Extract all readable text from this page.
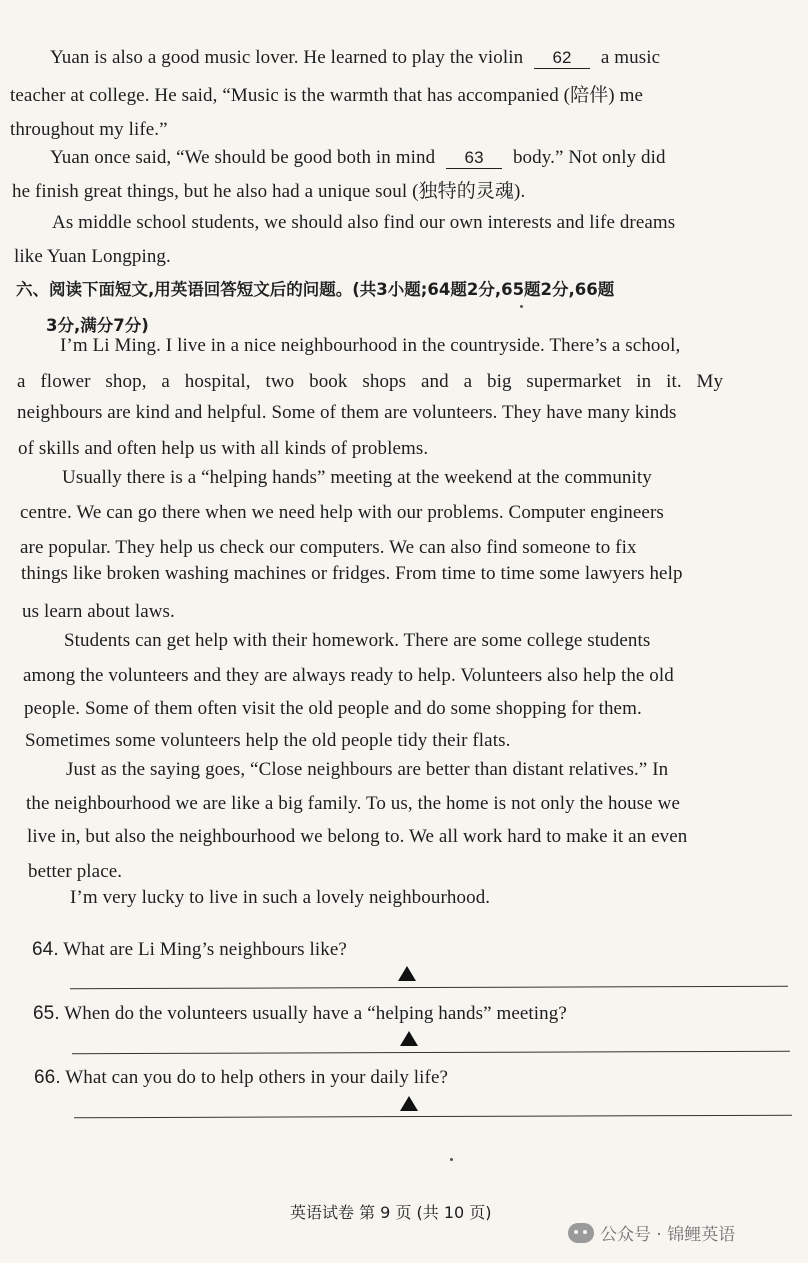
Yuan is also a good music lover. He learned to play the violin 62 a music
teacher at college. He said, “Music is the warmth that has accompanied (陪伴) me
throughout my life.”
Yuan once said, “We should be good both in mind 63 body.” Not only did
he finish great things, but he also had a unique soul (独特的灵魂).
As middle school students, we should also find our own interests and life dreams
like Yuan Longping.
六、阅读下面短文,用英语回答短文后的问题。(共3小题;64题2分,65题2分,66题
3分,满分7分)
I’m Li Ming. I live in a nice neighbourhood in the countryside. There’s a school,
a flower shop, a hospital, two book shops and a big supermarket in it. My
neighbours are kind and helpful. Some of them are volunteers. They have many kinds
of skills and often help us with all kinds of problems.
Usually there is a “helping hands” meeting at the weekend at the community
centre. We can go there when we need help with our problems. Computer engineers
are popular. They help us check our computers. We can also find someone to fix
things like broken washing machines or fridges. From time to time some lawyers help
us learn about laws.
Students can get help with their homework. There are some college students
among the volunteers and they are always ready to help. Volunteers also help the old
people. Some of them often visit the old people and do some shopping for them.
Sometimes some volunteers help the old people tidy their flats.
Just as the saying goes, “Close neighbours are better than distant relatives.” In
the neighbourhood we are like a big family. To us, the home is not only the house we
live in, but also the neighbourhood we belong to. We all work hard to make it an even
better place.
I’m very lucky to live in such a lovely neighbourhood.
64. What are Li Ming’s neighbours like?
65. When do the volunteers usually have a “helping hands” meeting?
66. What can you do to help others in your daily life?
英语试卷 第 9 页 (共 10 页)
公众号 · 锦鲤英语
